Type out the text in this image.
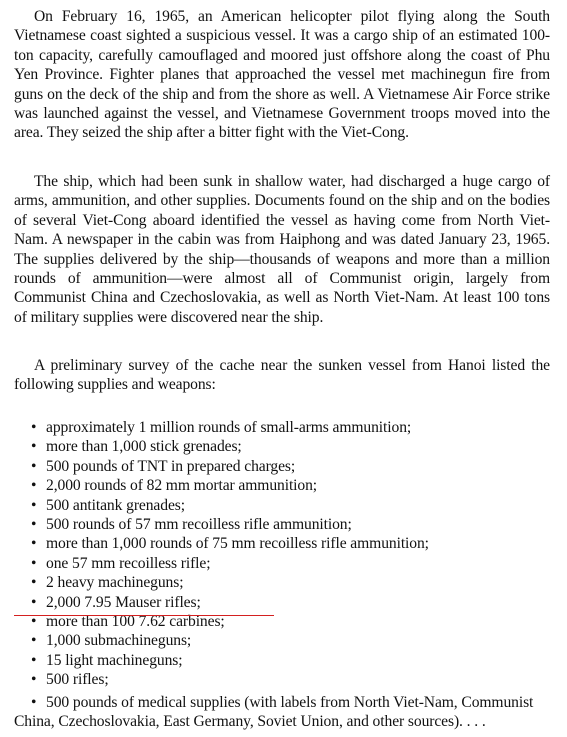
On February 16, 1965, an American helicopter pilot flying along the South Vietnamese coast sighted a suspicious vessel. It was a cargo ship of an estimated 100-ton capacity, carefully camouflaged and moored just offshore along the coast of Phu Yen Province. Fighter planes that approached the vessel met machinegun fire from guns on the deck of the ship and from the shore as well. A Vietnamese Air Force strike was launched against the vessel, and Vietnamese Government troops moved into the area. They seized the ship after a bitter fight with the Viet-Cong.

The ship, which had been sunk in shallow water, had discharged a huge cargo of arms, ammunition, and other supplies. Documents found on the ship and on the bodies of several Viet-Cong aboard identified the vessel as having come from North Viet-Nam. A newspaper in the cabin was from Haiphong and was dated January 23, 1965. The supplies delivered by the ship—thousands of weapons and more than a million rounds of ammunition—were almost all of Communist origin, largely from Communist China and Czechoslovakia, as well as North Viet-Nam. At least 100 tons of military supplies were discovered near the ship.

A preliminary survey of the cache near the sunken vessel from Hanoi listed the following supplies and weapons:

• approximately 1 million rounds of small-arms ammunition;
• more than 1,000 stick grenades;
• 500 pounds of TNT in prepared charges;
• 2,000 rounds of 82 mm mortar ammunition;
• 500 antitank grenades;
• 500 rounds of 57 mm recoilless rifle ammunition;
• more than 1,000 rounds of 75 mm recoilless rifle ammunition;
• one 57 mm recoilless rifle;
• 2 heavy machineguns;
• 2,000 7.95 Mauser rifles;
• more than 100 7.62 carbines;
• 1,000 submachineguns;
• 15 light machineguns;
• 500 rifles;

• 500 pounds of medical supplies (with labels from North Viet-Nam, Communist China, Czechoslovakia, East Germany, Soviet Union, and other sources). . . .
